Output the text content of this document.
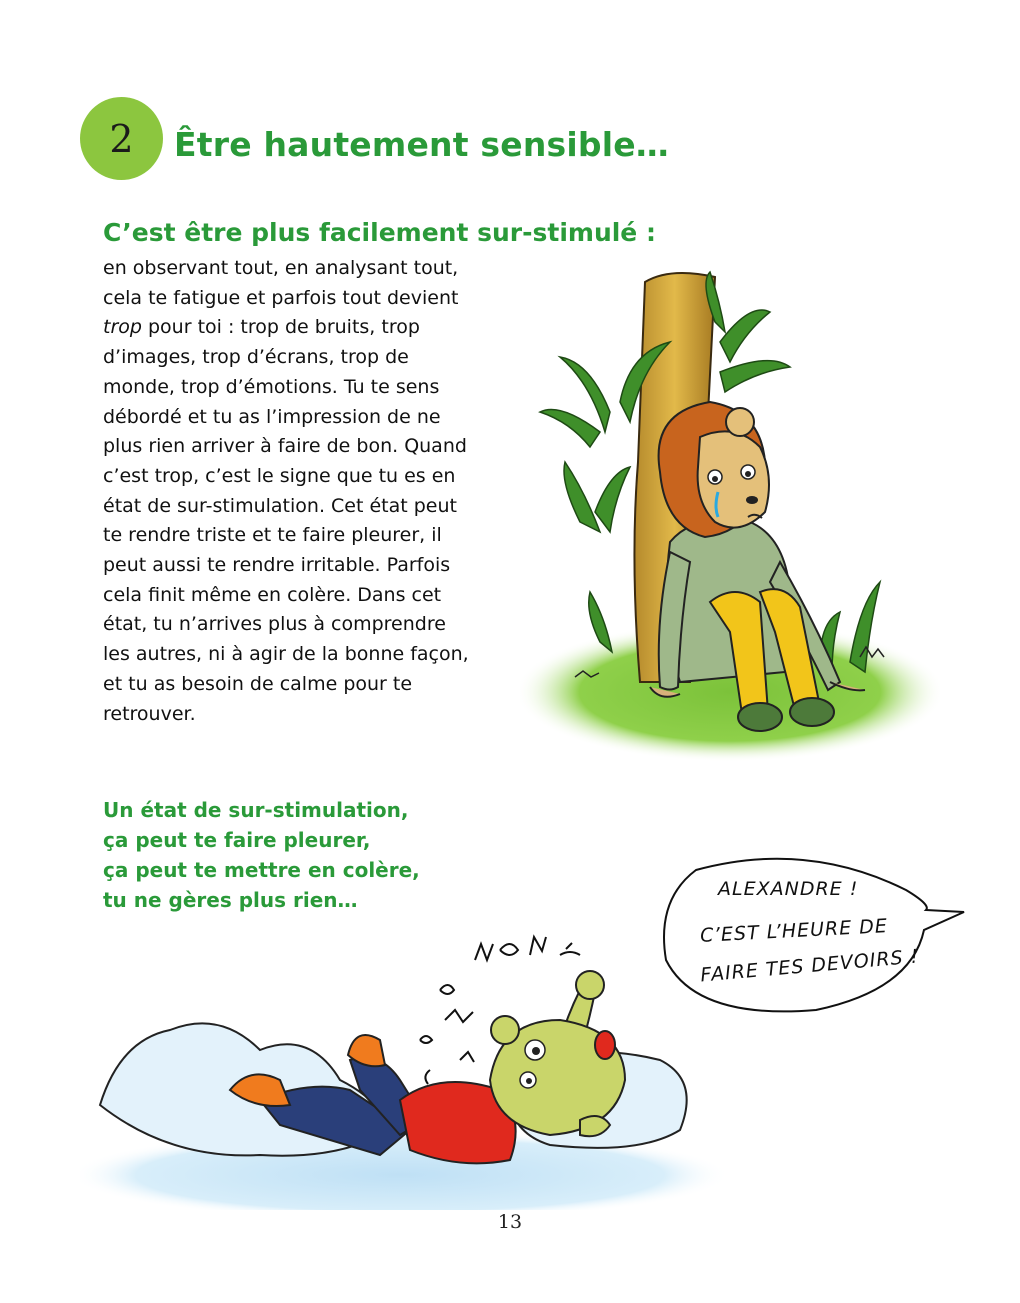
2 Être hautement sensible…
C’est être plus facilement sur-stimulé :
en observant tout, en analysant tout,
cela te fatigue et parfois tout devient
trop pour toi : trop de bruits, trop
d’images, trop d’écrans, trop de
monde, trop d’émotions. Tu te sens
débordé et tu as l’impression de ne
plus rien arriver à faire de bon. Quand
c’est trop, c’est le signe que tu es en
état de sur-stimulation. Cet état peut
te rendre triste et te faire pleurer, il
peut aussi te rendre irritable. Parfois
cela finit même en colère. Dans cet
état, tu n’arrives plus à comprendre
les autres, ni à agir de la bonne façon,
et tu as besoin de calme pour te
retrouver.
Un état de sur-stimulation,
ça peut te faire pleurer,
ça peut te mettre en colère,
tu ne gères plus rien…	ALEXANDRE !
C’EST L’HEURE DE
FAIRE TES DEVOIRS !
13
